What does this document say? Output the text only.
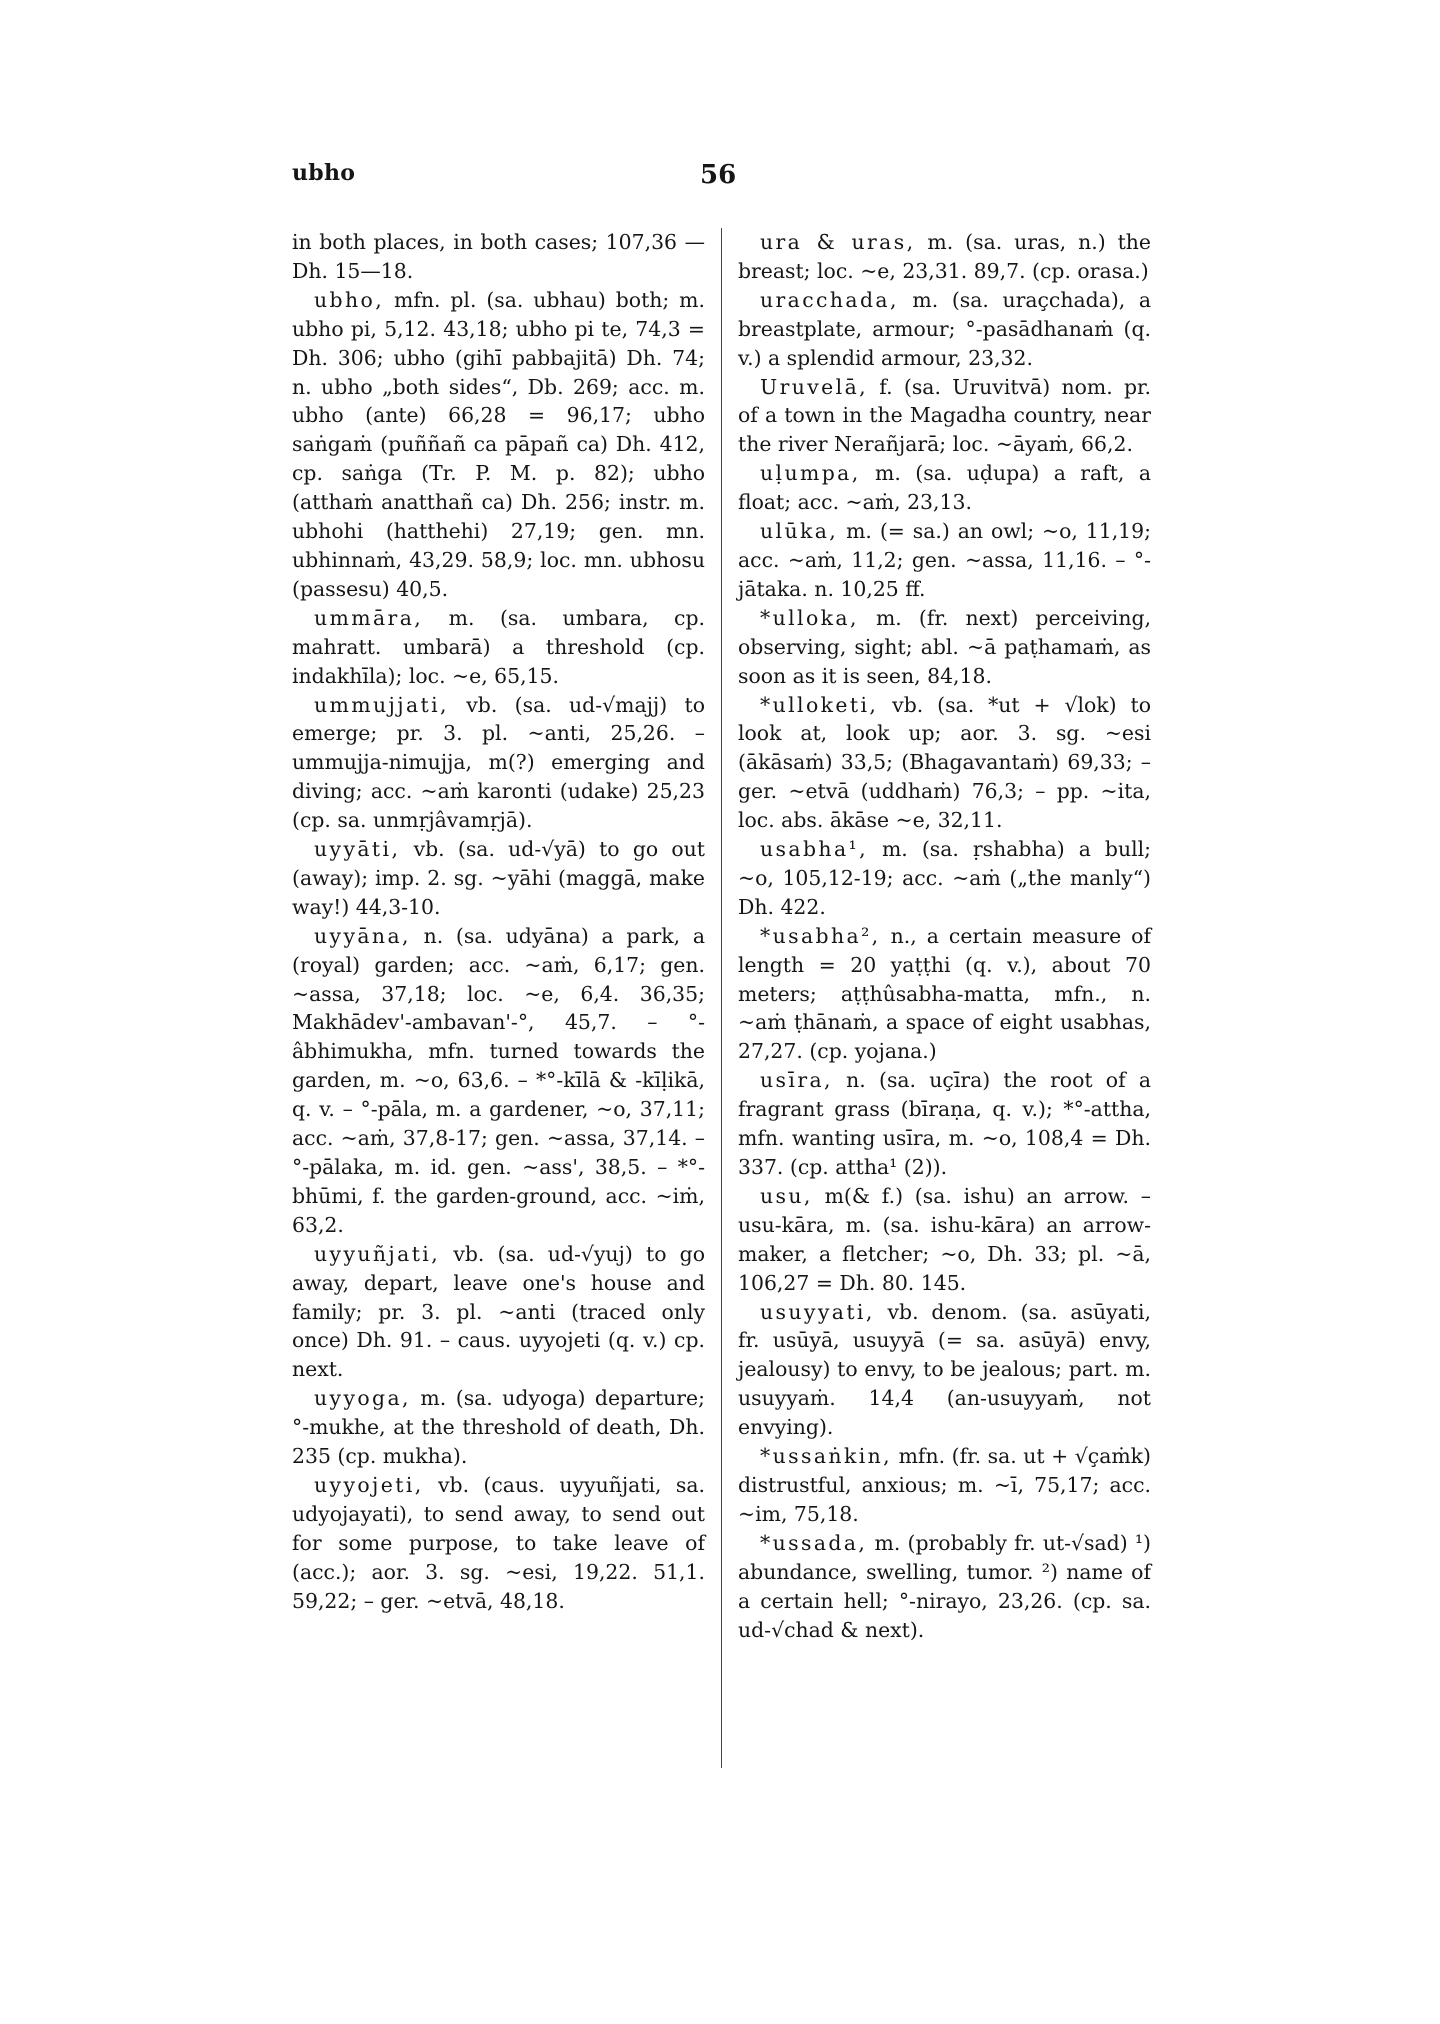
ubho	56

in both places, in both cases; 107,36 — Dh. 15—18.

ubho, mfn. pl. (sa. ubhau) both; m. ubho pi, 5,12. 43,18; ubho pi te, 74,3 = Dh. 306; ubho (gihī pabbajitā) Dh. 74; n. ubho „both sides“, Db. 269; acc. m. ubho (ante) 66,28 = 96,17; ubho saṅgaṁ (puññañ ca pāpañ ca) Dh. 412, cp. saṅga (Tr. P. M. p. 82); ubho (atthaṁ anatthañ ca) Dh. 256; instr. m. ubhohi (hatthehi) 27,19; gen. mn. ubhinnaṁ, 43,29. 58,9; loc. mn. ubhosu (passesu) 40,5.

ummāra, m. (sa. umbara, cp. mahratt. umbarā) a threshold (cp. indakhīla); loc. ~e, 65,15.

ummujjati, vb. (sa. ud-√majj) to emerge; pr. 3. pl. ~anti, 25,26. – ummujja-nimujja, m(?) emerging and diving; acc. ~aṁ karonti (udake) 25,23 (cp. sa. unmṛjâvamṛjā).

uyyāti, vb. (sa. ud-√yā) to go out (away); imp. 2. sg. ~yāhi (maggā, make way!) 44,3-10.

uyyāna, n. (sa. udyāna) a park, a (royal) garden; acc. ~aṁ, 6,17; gen. ~assa, 37,18; loc. ~e, 6,4. 36,35; Makhādev'-ambavan'-°, 45,7. – °-âbhimukha, mfn. turned towards the garden, m. ~o, 63,6. – *°-kīlā & -kīḷikā, q. v. – °-pāla, m. a gardener, ~o, 37,11; acc. ~aṁ, 37,8-17; gen. ~assa, 37,14. – °-pālaka, m. id. gen. ~ass', 38,5. – *°-bhūmi, f. the garden-ground, acc. ~iṁ, 63,2.

uyyuñjati, vb. (sa. ud-√yuj) to go away, depart, leave one's house and family; pr. 3. pl. ~anti (traced only once) Dh. 91. – caus. uyyojeti (q. v.) cp. next.

uyyoga, m. (sa. udyoga) departure; °-mukhe, at the threshold of death, Dh. 235 (cp. mukha).

uyyojeti, vb. (caus. uyyuñjati, sa. udyojayati), to send away, to send out for some purpose, to take leave of (acc.); aor. 3. sg. ~esi, 19,22. 51,1. 59,22; – ger. ~etvā, 48,18.

ura & uras, m. (sa. uras, n.) the breast; loc. ~e, 23,31. 89,7. (cp. orasa.)

uracchada, m. (sa. uraçchada), a breastplate, armour; °-pasādhanaṁ (q. v.) a splendid armour, 23,32.

Uruvelā, f. (sa. Uruvitvā) nom. pr. of a town in the Magadha country, near the river Nerañjarā; loc. ~āyaṁ, 66,2.

uḷumpa, m. (sa. uḍupa) a raft, a float; acc. ~aṁ, 23,13.

ulūka, m. (= sa.) an owl; ~o, 11,19; acc. ~aṁ, 11,2; gen. ~assa, 11,16. – °-jātaka. n. 10,25 ff.

*ulloka, m. (fr. next) perceiving, observing, sight; abl. ~ā paṭhamaṁ, as soon as it is seen, 84,18.

*ulloketi, vb. (sa. *ut + √lok) to look at, look up; aor. 3. sg. ~esi (ākāsaṁ) 33,5; (Bhagavantaṁ) 69,33; – ger. ~etvā (uddhaṁ) 76,3; – pp. ~ita, loc. abs. ākāse ~e, 32,11.

usabha¹, m. (sa. ṛshabha) a bull; ~o, 105,12-19; acc. ~aṁ („the manly“) Dh. 422.

*usabha², n., a certain measure of length = 20 yaṭṭhi (q. v.), about 70 meters; aṭṭhûsabha-matta, mfn., n. ~aṁ ṭhānaṁ, a space of eight usabhas, 27,27. (cp. yojana.)

usīra, n. (sa. uçīra) the root of a fragrant grass (bīraṇa, q. v.); *°-attha, mfn. wanting usīra, m. ~o, 108,4 = Dh. 337. (cp. attha¹ (2)).

usu, m(& f.) (sa. ishu) an arrow. – usu-kāra, m. (sa. ishu-kāra) an arrow-maker, a fletcher; ~o, Dh. 33; pl. ~ā, 106,27 = Dh. 80. 145.

usuyyati, vb. denom. (sa. asūyati, fr. usūyā, usuyyā (= sa. asūyā) envy, jealousy) to envy, to be jealous; part. m. usuyyaṁ. 14,4 (an-usuyyaṁ, not envying).

*ussaṅkin, mfn. (fr. sa. ut + √çaṁk) distrustful, anxious; m. ~ī, 75,17; acc. ~im, 75,18.

*ussada, m. (probably fr. ut-√sad) ¹) abundance, swelling, tumor. ²) name of a certain hell; °-nirayo, 23,26. (cp. sa. ud-√chad & next).
